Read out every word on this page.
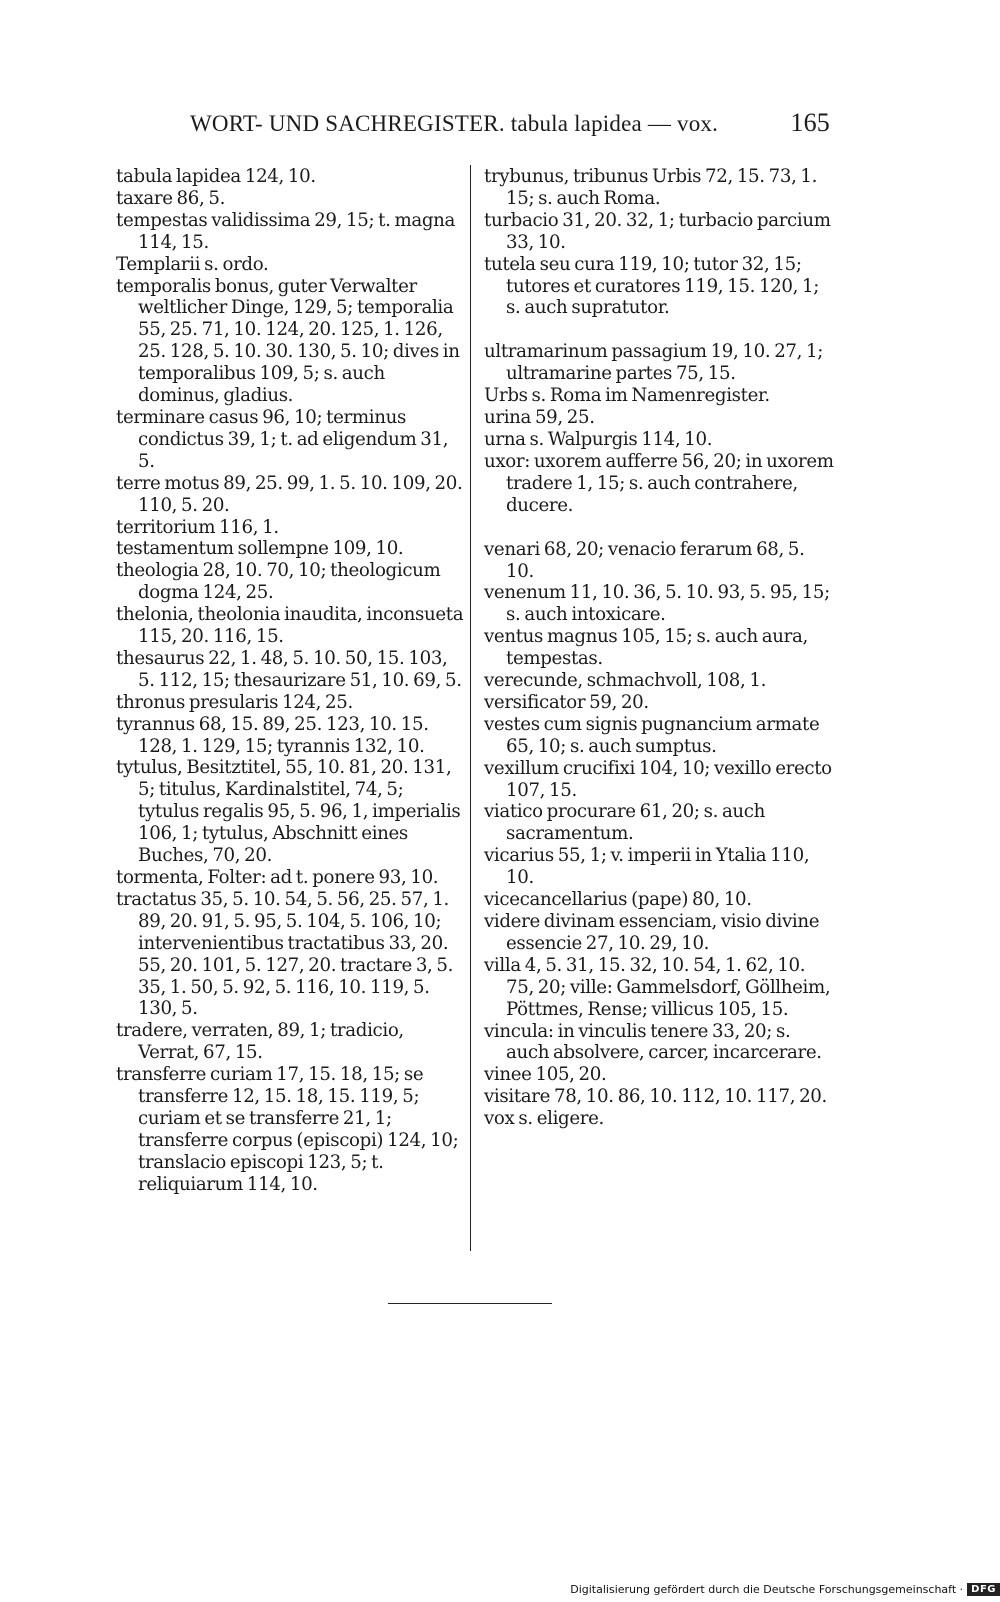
WORT- UND SACHREGISTER. tabula lapidea — vox.	165

tabula lapidea 124, 10.

taxare 86, 5.

tempestas validissima 29, 15; t. magna 114, 15.

Templarii s. ordo.

temporalis bonus, guter Verwalter weltlicher Dinge, 129, 5; temporalia 55, 25. 71, 10. 124, 20. 125, 1. 126, 25. 128, 5. 10. 30. 130, 5. 10; dives in temporalibus 109, 5; s. auch dominus, gladius.

terminare casus 96, 10; terminus condictus 39, 1; t. ad eligendum 31, 5.

terre motus 89, 25. 99, 1. 5. 10. 109, 20. 110, 5. 20.

territorium 116, 1.

testamentum sollempne 109, 10.

theologia 28, 10. 70, 10; theologicum dogma 124, 25.

thelonia, theolonia inaudita, inconsueta 115, 20. 116, 15.

thesaurus 22, 1. 48, 5. 10. 50, 15. 103, 5. 112, 15; thesaurizare 51, 10. 69, 5.

thronus presularis 124, 25.

tyrannus 68, 15. 89, 25. 123, 10. 15. 128, 1. 129, 15; tyrannis 132, 10.

tytulus, Besitztitel, 55, 10. 81, 20. 131, 5; titulus, Kardinalstitel, 74, 5; tytulus regalis 95, 5. 96, 1, imperialis 106, 1; tytulus, Abschnitt eines Buches, 70, 20.

tormenta, Folter: ad t. ponere 93, 10.

tractatus 35, 5. 10. 54, 5. 56, 25. 57, 1. 89, 20. 91, 5. 95, 5. 104, 5. 106, 10; intervenientibus tractatibus 33, 20. 55, 20. 101, 5. 127, 20. tractare 3, 5. 35, 1. 50, 5. 92, 5. 116, 10. 119, 5. 130, 5.

tradere, verraten, 89, 1; tradicio, Verrat, 67, 15.

transferre curiam 17, 15. 18, 15; se transferre 12, 15. 18, 15. 119, 5; curiam et se transferre 21, 1; transferre corpus (episcopi) 124, 10; translacio episcopi 123, 5; t. reliquiarum 114, 10.

trybunus, tribunus Urbis 72, 15. 73, 1. 15; s. auch Roma.

turbacio 31, 20. 32, 1; turbacio parcium 33, 10.

tutela seu cura 119, 10; tutor 32, 15; tutores et curatores 119, 15. 120, 1; s. auch supratutor.

ultramarinum passagium 19, 10. 27, 1; ultramarine partes 75, 15.

Urbs s. Roma im Namenregister.

urina 59, 25.

urna s. Walpurgis 114, 10.

uxor: uxorem aufferre 56, 20; in uxorem tradere 1, 15; s. auch contrahere, ducere.

venari 68, 20; venacio ferarum 68, 5. 10.

venenum 11, 10. 36, 5. 10. 93, 5. 95, 15; s. auch intoxicare.

ventus magnus 105, 15; s. auch aura, tempestas.

verecunde, schmachvoll, 108, 1.

versificator 59, 20.

vestes cum signis pugnancium armate 65, 10; s. auch sumptus.

vexillum crucifixi 104, 10; vexillo erecto 107, 15.

viatico procurare 61, 20; s. auch sacramentum.

vicarius 55, 1; v. imperii in Ytalia 110, 10.

vicecancellarius (pape) 80, 10.

videre divinam essenciam, visio divine essencie 27, 10. 29, 10.

villa 4, 5. 31, 15. 32, 10. 54, 1. 62, 10. 75, 20; ville: Gammelsdorf, Göllheim, Pöttmes, Rense; villicus 105, 15.

vincula: in vinculis tenere 33, 20; s. auch absolvere, carcer, incarcerare.

vinee 105, 20.

visitare 78, 10. 86, 10. 112, 10. 117, 20.

vox s. eligere.

Digitalisierung gefördert durch die Deutsche Forschungsgemeinschaft · DFG
